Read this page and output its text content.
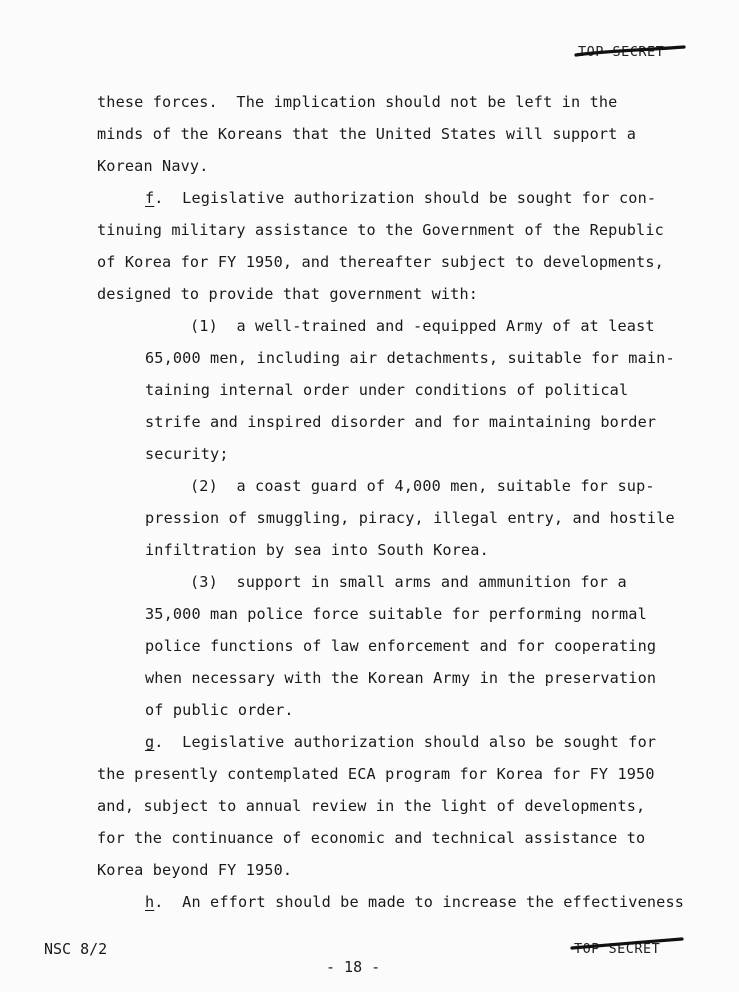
TOP SECRET
these forces.  The implication should not be left in the
minds of the Koreans that the United States will support a
Korean Navy.
f.  Legislative authorization should be sought for con-
tinuing military assistance to the Government of the Republic
of Korea for FY 1950, and thereafter subject to developments,
designed to provide that government with:
(1)  a well-trained and -equipped Army of at least
65,000 men, including air detachments, suitable for main-
taining internal order under conditions of political
strife and inspired disorder and for maintaining border
security;
(2)  a coast guard of 4,000 men, suitable for sup-
pression of smuggling, piracy, illegal entry, and hostile
infiltration by sea into South Korea.
(3)  support in small arms and ammunition for a
35,000 man police force suitable for performing normal
police functions of law enforcement and for cooperating
when necessary with the Korean Army in the preservation
of public order.
g.  Legislative authorization should also be sought for
the presently contemplated ECA program for Korea for FY 1950
and, subject to annual review in the light of developments,
for the continuance of economic and technical assistance to
Korea beyond FY 1950.
h.  An effort should be made to increase the effectiveness
NSC 8/2
- 18 -
TOP SECRET
